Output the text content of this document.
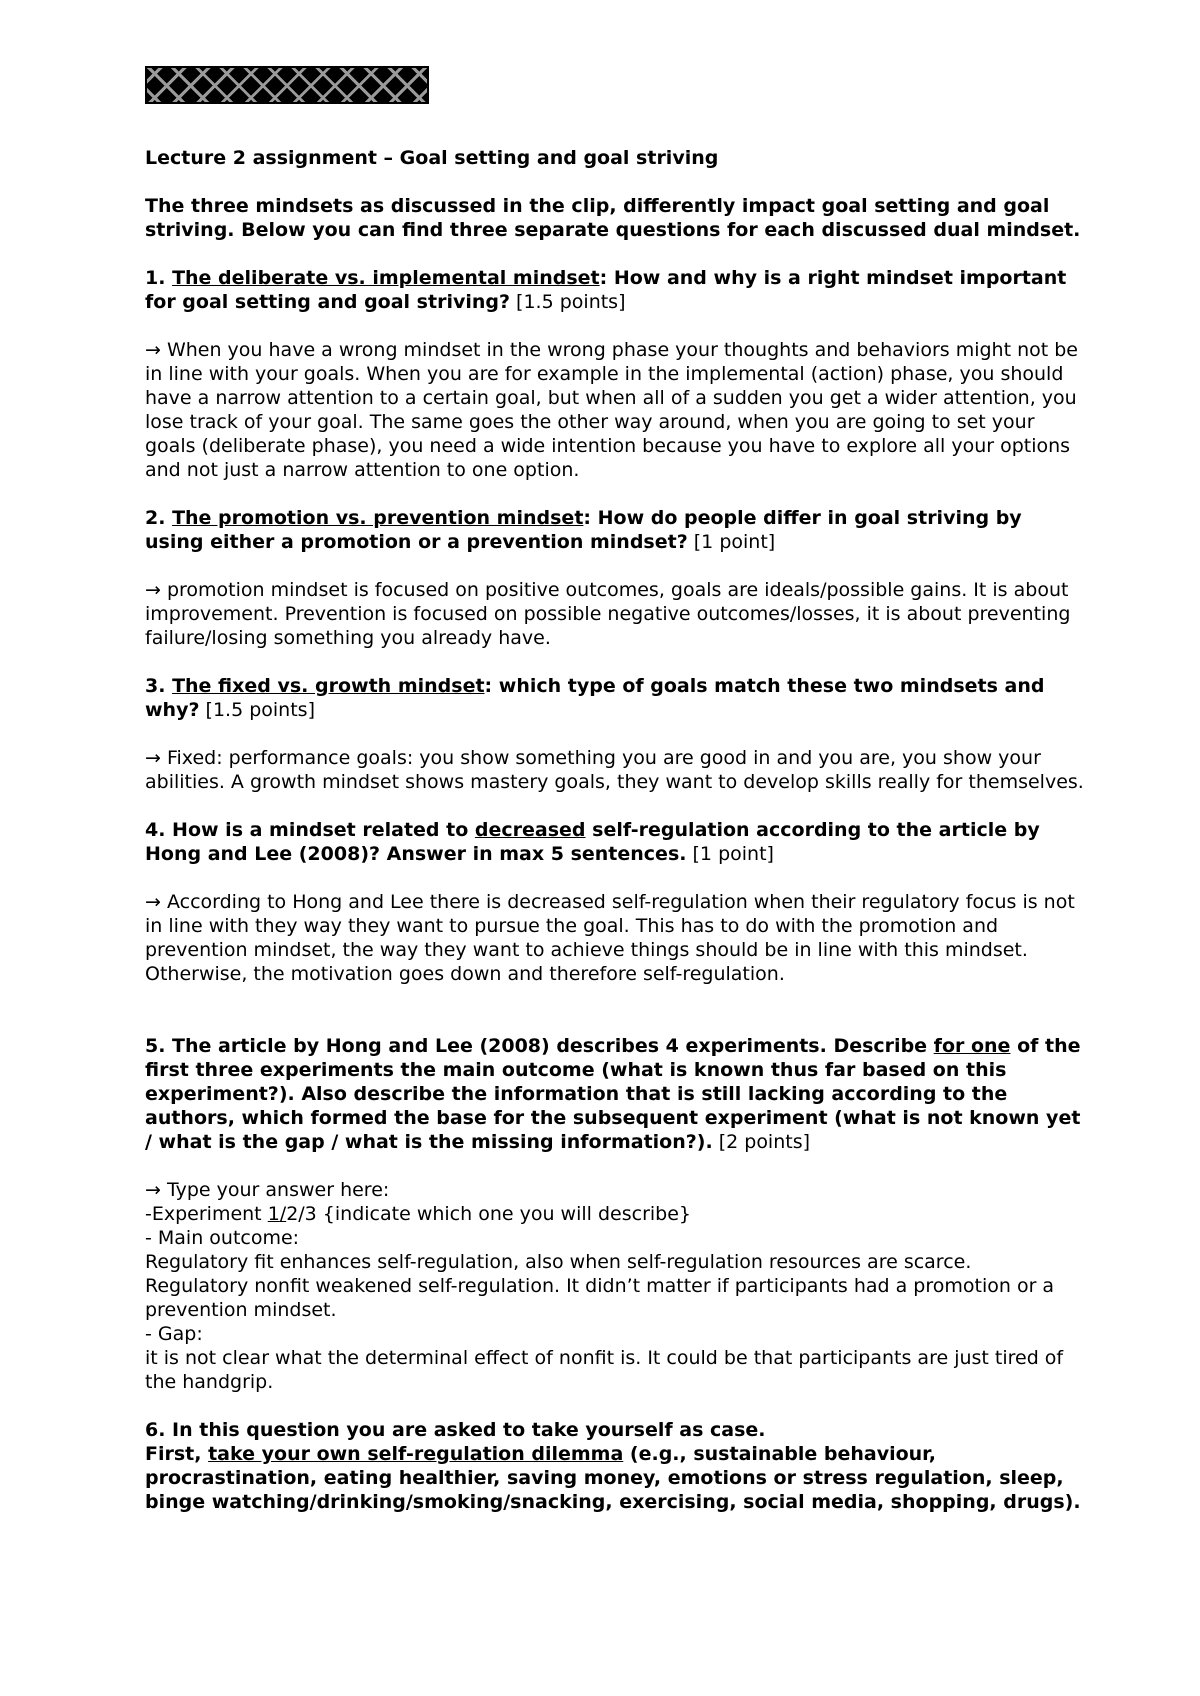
Lecture 2 assignment – Goal setting and goal striving

The three mindsets as discussed in the clip, differently impact goal setting and goal striving. Below you can find three separate questions for each discussed dual mindset.

1. The deliberate vs. implemental mindset: How and why is a right mindset important for goal setting and goal striving? [1.5 points]

→ When you have a wrong mindset in the wrong phase your thoughts and behaviors might not be in line with your goals. When you are for example in the implemental (action) phase, you should have a narrow attention to a certain goal, but when all of a sudden you get a wider attention, you lose track of your goal. The same goes the other way around, when you are going to set your goals (deliberate phase), you need a wide intention because you have to explore all your options and not just a narrow attention to one option.

2. The promotion vs. prevention mindset: How do people differ in goal striving by using either a promotion or a prevention mindset? [1 point]

→ promotion mindset is focused on positive outcomes, goals are ideals/possible gains. It is about improvement. Prevention is focused on possible negative outcomes/losses, it is about preventing failure/losing something you already have.

3. The fixed vs. growth mindset: which type of goals match these two mindsets and why? [1.5 points]

→ Fixed: performance goals: you show something you are good in and you are, you show your abilities. A growth mindset shows mastery goals, they want to develop skills really for themselves.

4. How is a mindset related to decreased self-regulation according to the article by Hong and Lee (2008)? Answer in max 5 sentences. [1 point]

→ According to Hong and Lee there is decreased self-regulation when their regulatory focus is not in line with they way they want to pursue the goal. This has to do with the promotion and prevention mindset, the way they want to achieve things should be in line with this mindset. Otherwise, the motivation goes down and therefore self-regulation.

5. The article by Hong and Lee (2008) describes 4 experiments. Describe for one of the first three experiments the main outcome (what is known thus far based on this experiment?). Also describe the information that is still lacking according to the authors, which formed the base for the subsequent experiment (what is not known yet / what is the gap / what is the missing information?). [2 points]

→ Type your answer here:
-Experiment 1/2/3 {indicate which one you will describe}
- Main outcome:
Regulatory fit enhances self-regulation, also when self-regulation resources are scarce.
Regulatory nonfit weakened self-regulation. It didn’t matter if participants had a promotion or a prevention mindset.
- Gap:
it is not clear what the determinal effect of nonfit is. It could be that participants are just tired of the handgrip.

6. In this question you are asked to take yourself as case.
First, take your own self-regulation dilemma (e.g., sustainable behaviour, procrastination, eating healthier, saving money, emotions or stress regulation, sleep, binge watching/drinking/smoking/snacking, exercising, social media, shopping, drugs).
